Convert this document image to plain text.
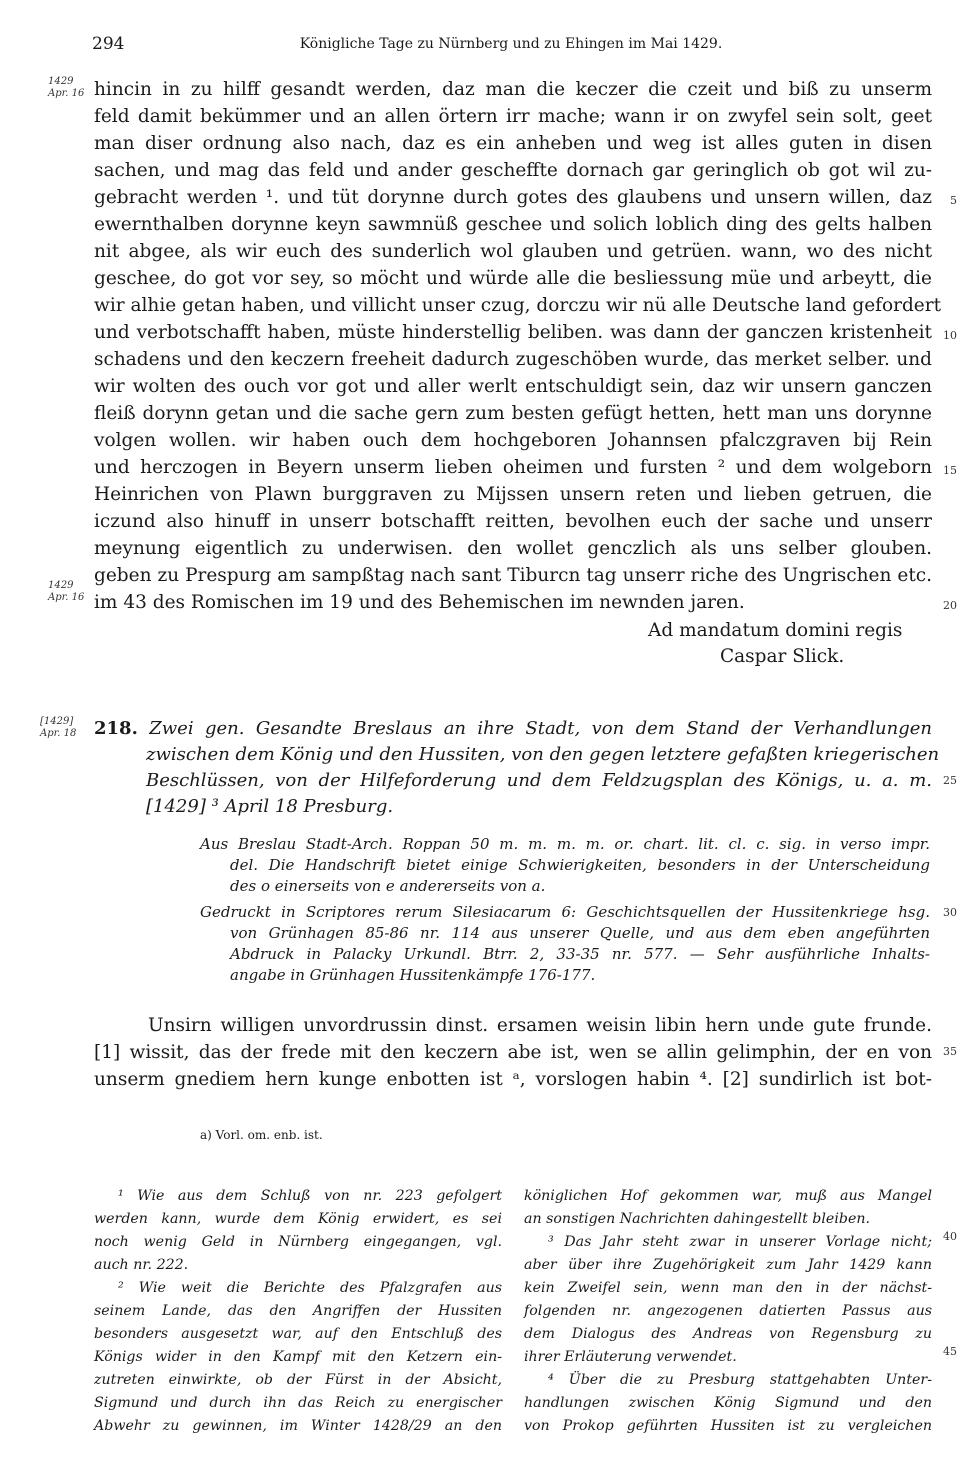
294	Königliche Tage zu Nürnberg und zu Ehingen im Mai 1429.
1429
Apr. 16
1429
Apr. 16
[1429]
Apr. 18
5
10
15
20
25
30
35
40
45
hincin in zu hilff gesandt werden, daz man die keczer die czeit und biß zu unserm
feld damit bekümmer und an allen örtern irr mache; wann ir on zwyfel sein solt, geet
man diser ordnung also nach, daz es ein anheben und weg ist alles guten in disen
sachen, und mag das feld und ander gescheffte dornach gar geringlich ob got wil zu-
gebracht werden ¹. und tüt dorynne durch gotes des glaubens und unsern willen, daz
ewernthalben dorynne keyn sawmnüß geschee und solich loblich ding des gelts halben
nit abgee, als wir euch des sunderlich wol glauben und getrüen. wann, wo des nicht
geschee, do got vor sey, so möcht und würde alle die besliessung müe und arbeytt, die
wir alhie getan haben, und villicht unser czug, dorczu wir nü alle Deutsche land gefordert
und verbotschafft haben, müste hinderstellig beliben. was dann der ganczen kristenheit
schadens und den keczern freeheit dadurch zugeschöben wurde, das merket selber. und
wir wolten des ouch vor got und aller werlt entschuldigt sein, daz wir unsern ganczen
fleiß dorynn getan und die sache gern zum besten gefügt hetten, hett man uns dorynne
volgen wollen. wir haben ouch dem hochgeboren Johannsen pfalczgraven bij Rein
und herczogen in Beyern unserm lieben oheimen und fursten ² und dem wolgeborn
Heinrichen von Plawn burggraven zu Mijssen unsern reten und lieben getruen, die
iczund also hinuff in unserr botschafft reitten, bevolhen euch der sache und unserr
meynung eigentlich zu underwisen. den wollet genczlich als uns selber glouben.
geben zu Prespurg am sampßtag nach sant Tiburcn tag unserr riche des Ungrischen etc.
im 43 des Romischen im 19 und des Behemischen im newnden jaren.
Ad mandatum domini regis
Caspar Slick.
218. Zwei gen. Gesandte Breslaus an ihre Stadt, von dem Stand der Verhandlungen
zwischen dem König und den Hussiten, von den gegen letztere gefaßten kriegerischen
Beschlüssen, von der Hilfeforderung und dem Feldzugsplan des Königs, u. a. m.
[1429] ³ April 18 Presburg.
Aus Breslau Stadt-Arch. Roppan 50 m. m. m. m. or. chart. lit. cl. c. sig. in verso impr.
del. Die Handschrift bietet einige Schwierigkeiten, besonders in der Unterscheidung
des o einerseits von e andererseits von a.
Gedruckt in Scriptores rerum Silesiacarum 6: Geschichtsquellen der Hussitenkriege hsg.
von Grünhagen 85-86 nr. 114 aus unserer Quelle, und aus dem eben angeführten
Abdruck in Palacky Urkundl. Btrr. 2, 33-35 nr. 577. — Sehr ausführliche Inhalts-
angabe in Grünhagen Hussitenkämpfe 176-177.
Unsirn willigen unvordrussin dinst. ersamen weisin libin hern unde gute frunde.
[1] wissit, das der frede mit den keczern abe ist, wen se allin gelimphin, der en von
unserm gnediem hern kunge enbotten ist ᵃ, vorslogen habin ⁴. [2] sundirlich ist bot-
a) Vorl. om. enb. ist.
¹ Wie aus dem Schluß von nr. 223 gefolgert
werden kann, wurde dem König erwidert, es sei
noch wenig Geld in Nürnberg eingegangen, vgl.
auch nr. 222.
² Wie weit die Berichte des Pfalzgrafen aus
seinem Lande, das den Angriffen der Hussiten
besonders ausgesetzt war, auf den Entschluß des
Königs wider in den Kampf mit den Ketzern ein-
zutreten einwirkte, ob der Fürst in der Absicht,
Sigmund und durch ihn das Reich zu energischer
Abwehr zu gewinnen, im Winter 1428/29 an den
königlichen Hof gekommen war, muß aus Mangel
an sonstigen Nachrichten dahingestellt bleiben.
³ Das Jahr steht zwar in unserer Vorlage nicht;
aber über ihre Zugehörigkeit zum Jahr 1429 kann
kein Zweifel sein, wenn man den in der nächst-
folgenden nr. angezogenen datierten Passus aus
dem Dialogus des Andreas von Regensburg zu
ihrer Erläuterung verwendet.
⁴ Über die zu Presburg stattgehabten Unter-
handlungen zwischen König Sigmund und den
von Prokop geführten Hussiten ist zu vergleichen
